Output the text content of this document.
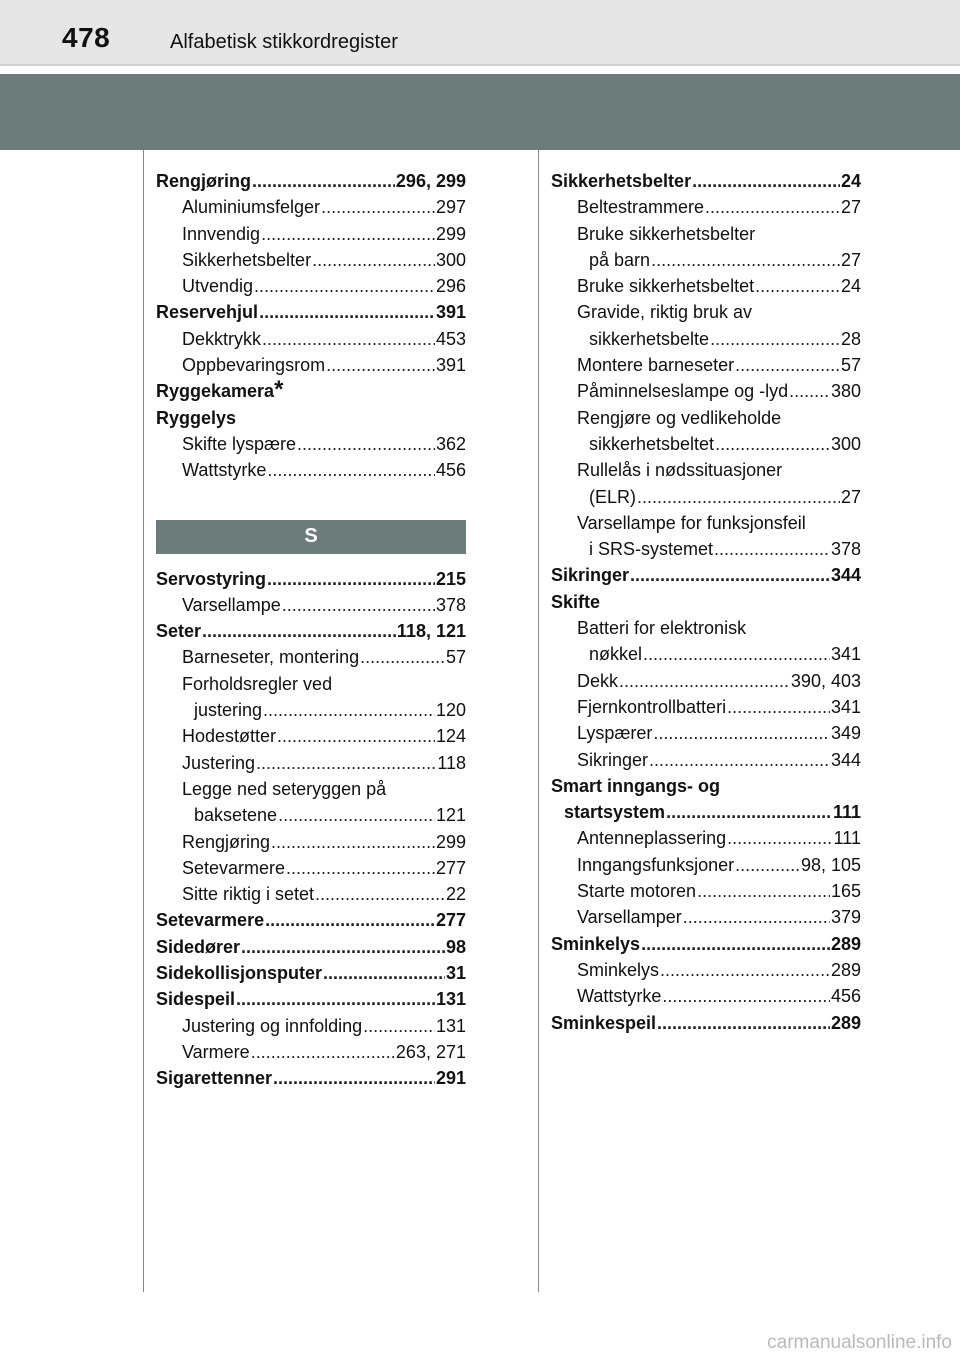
478	Alfabetisk stikkordregister
Rengjøring .....	296, 299
Aluminiumsfelger .....	297
Innvendig .....	299
Sikkerhetsbelter .....	300
Utvendig .....	296
Reservehjul .....	391
Dekktrykk .....	453
Oppbevaringsrom .....	391
Ryggekamera *
Ryggelys
Skifte lyspære .....	362
Wattstyrke .....	456
S
Servostyring .....	215
Varsellampe .....	378
Seter .....	118, 121
Barneseter, montering .....	57
Forholdsregler ved
justering .....	120
Hodestøtter .....	124
Justering .....	118
Legge ned seteryggen på
baksetene .....	121
Rengjøring .....	299
Setevarmere .....	277
Sitte riktig i setet .....	22
Setevarmere .....	277
Sidedører .....	98
Sidekollisjonsputer .....	31
Sidespeil .....	131
Justering og innfolding .....	131
Varmere .....	263, 271
Sigarettenner .....	291
Sikkerhetsbelter .....	24
Beltestrammere .....	27
Bruke sikkerhetsbelter
på barn .....	27
Bruke sikkerhetsbeltet .....	24
Gravide, riktig bruk av
sikkerhetsbelte .....	28
Montere barneseter .....	57
Påminnelseslampe og -lyd ..... 380
Rengjøre og vedlikeholde
sikkerhetsbeltet .....	300
Rullelås i nødssituasjoner
(ELR) .....	27
Varsellampe for funksjonsfeil
i SRS-systemet .....	378
Sikringer .....	344
Skifte
Batteri for elektronisk
nøkkel .....	341
Dekk .....	390, 403
Fjernkontrollbatteri .....	341
Lyspærer .....	349
Sikringer .....	344
Smart inngangs- og
startsystem .....	111
Antenneplassering .....	111
Inngangsfunksjoner .....	98, 105
Starte motoren .....	165
Varsellamper .....	379
Sminkelys .....	289
Sminkelys .....	289
Wattstyrke .....	456
Sminkespeil .....	289
carmanualsonline.info
